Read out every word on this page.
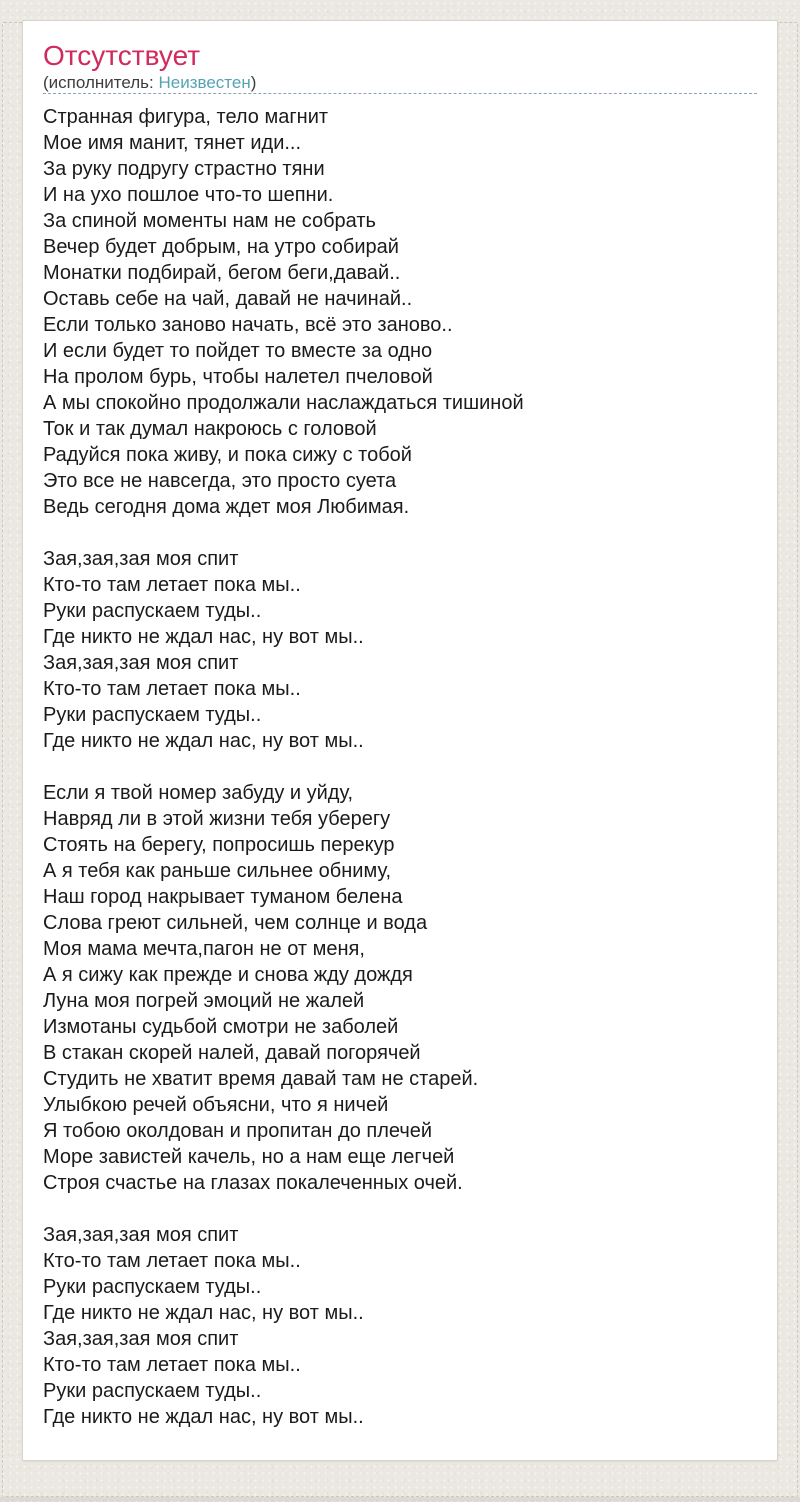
Отсутствует
(исполнитель: Неизвестен)
Странная фигура, тело магнит
Мое имя манит, тянет иди...
За руку подругу страстно тяни
И на ухо пошлое что-то шепни.
За спиной моменты нам не собрать
Вечер будет добрым, на утро собирай
Монатки подбирай, бегом беги,давай..
Оставь себе на чай, давай не начинай..
Если только заново начать, всё это заново..
И если будет то пойдет то вместе за одно
На пролом бурь, чтобы налетел пчеловой
А мы спокойно продолжали наслаждаться тишиной
Ток и так думал накроюсь с головой
Радуйся пока живу, и пока сижу с тобой
Это все не навсегда, это просто суета
Ведь сегодня дома ждет моя Любимая.
Зая,зая,зая моя спит
Кто-то там летает пока мы..
Руки распускаем туды..
Где никто не ждал нас, ну вот мы..
Зая,зая,зая моя спит
Кто-то там летает пока мы..
Руки распускаем туды..
Где никто не ждал нас, ну вот мы..
Если я твой номер забуду и уйду,
Навряд ли в этой жизни тебя уберегу
Стоять на берегу, попросишь перекур
А я тебя как раньше сильнее обниму,
Наш город накрывает туманом белена
Слова греют сильней, чем солнце и вода
Моя мама мечта,пагон не от меня,
А я сижу как прежде и снова жду дождя
Луна моя погрей эмоций не жалей
Измотаны судьбой смотри не заболей
В стакан скорей налей, давай погорячей
Студить не хватит время давай там не старей.
Улыбкою речей объясни, что я ничей
Я тобою околдован и пропитан до плечей
Море завистей качель, но а нам еще легчей
Строя счастье на глазах покалеченных очей.
Зая,зая,зая моя спит
Кто-то там летает пока мы..
Руки распускаем туды..
Где никто не ждал нас, ну вот мы..
Зая,зая,зая моя спит
Кто-то там летает пока мы..
Руки распускаем туды..
Где никто не ждал нас, ну вот мы..
